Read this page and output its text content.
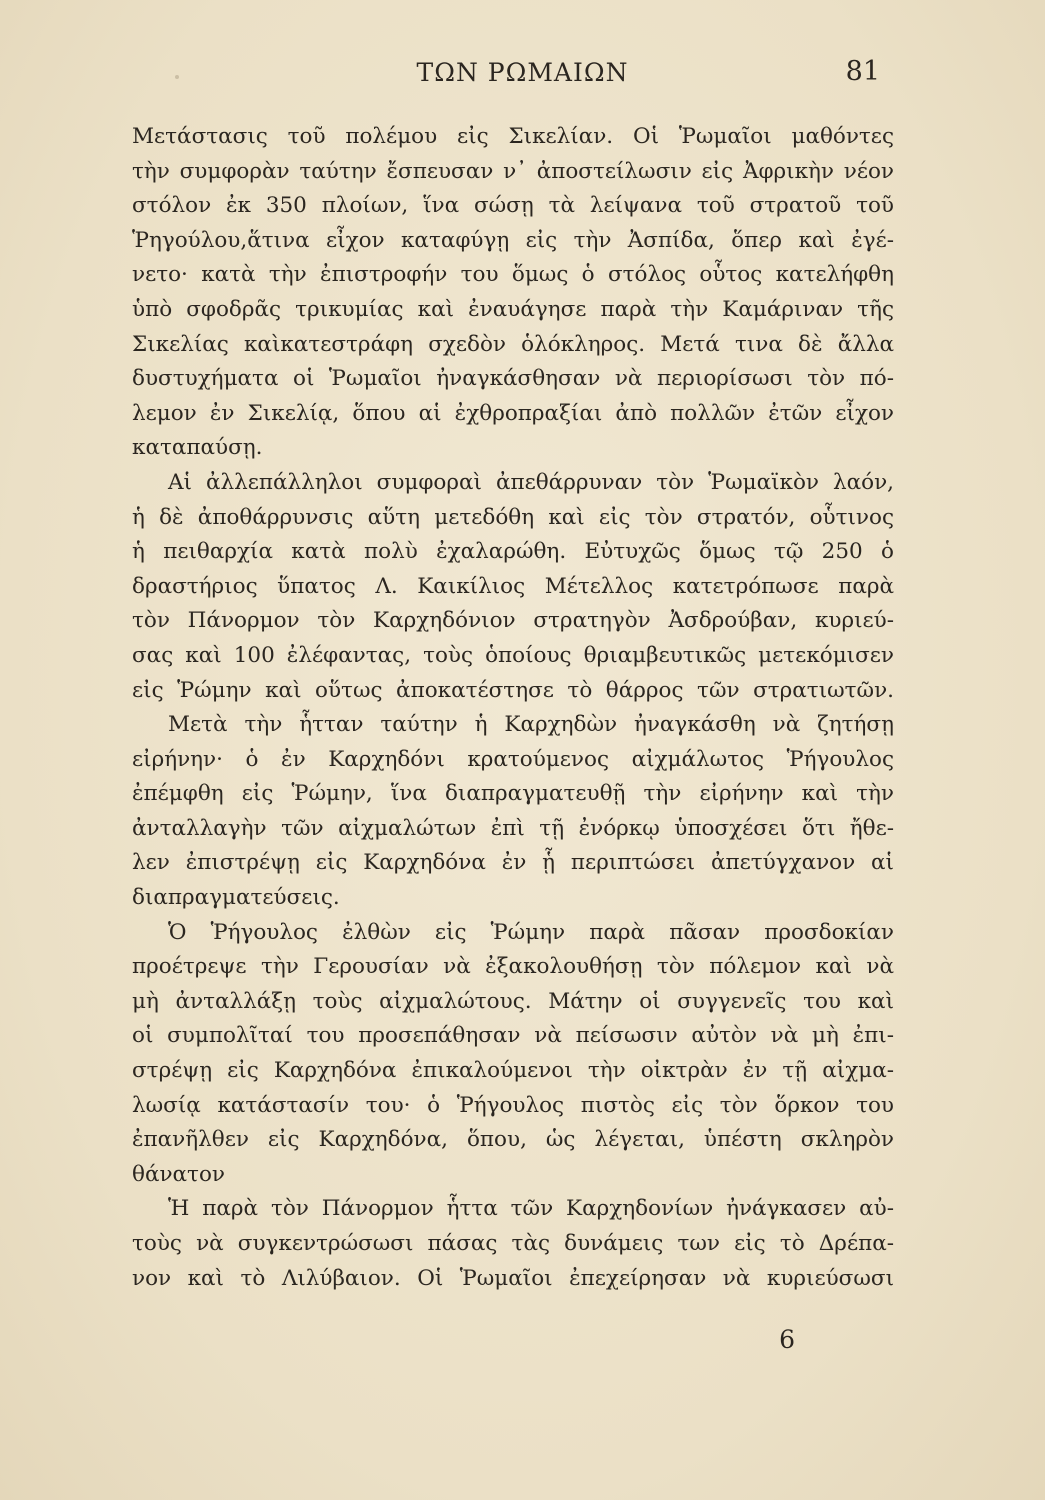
ΤΩΝ ΡΩΜΑΙΩΝ	81
Μετάστασις τοῦ πολέμου εἰς Σικελίαν. Οἱ Ῥωμαῖοι μαθόντες
τὴν συμφορὰν ταύτην ἔσπευσαν ν᾽ ἀποστείλωσιν εἰς Ἀφρικὴν νέον
στόλον ἐκ 350 πλοίων, ἵνα σώσῃ τὰ λείψανα τοῦ στρατοῦ τοῦ
Ῥηγούλου,ἅτινα εἶχον καταφύγῃ εἰς τὴν Ἀσπίδα, ὅπερ καὶ ἐγέ-
νετο· κατὰ τὴν ἐπιστροφήν του ὅμως ὁ στόλος οὗτος κατελήφθη
ὑπὸ σφοδρᾶς τρικυμίας καὶ ἐναυάγησε παρὰ τὴν Καμάριναν τῆς
Σικελίας καὶκατεστράφη σχεδὸν ὁλόκληρος. Μετά τινα δὲ ἄλλα
δυστυχήματα οἱ Ῥωμαῖοι ἠναγκάσθησαν νὰ περιορίσωσι τὸν πό-
λεμον ἐν Σικελίᾳ, ὅπου αἱ ἐχθροπραξίαι ἀπὸ πολλῶν ἐτῶν εἶχον
καταπαύσῃ.
Αἱ ἀλλεπάλληλοι συμφοραὶ ἀπεθάρρυναν τὸν Ῥωμαϊκὸν λαόν,
ἡ δὲ ἀποθάρρυνσις αὕτη μετεδόθη καὶ εἰς τὸν στρατόν, οὗτινος
ἡ πειθαρχία κατὰ πολὺ ἐχαλαρώθη. Εὐτυχῶς ὅμως τῷ 250 ὁ
δραστήριος ὕπατος Λ. Καικίλιος Μέτελλος κατετρόπωσε παρὰ
τὸν Πάνορμον τὸν Καρχηδόνιον στρατηγὸν Ἀσδρούβαν, κυριεύ-
σας καὶ 100 ἐλέφαντας, τοὺς ὁποίους θριαμβευτικῶς μετεκόμισεν
εἰς Ῥώμην καὶ οὕτως ἀποκατέστησε τὸ θάρρος τῶν στρατιωτῶν.
Μετὰ τὴν ἧτταν ταύτην ἡ Καρχηδὼν ἠναγκάσθη νὰ ζητήσῃ
εἰρήνην· ὁ ἐν Καρχηδόνι κρατούμενος αἰχμάλωτος Ῥήγουλος
ἐπέμφθη εἰς Ῥώμην, ἵνα διαπραγματευθῇ τὴν εἰρήνην καὶ τὴν
ἀνταλλαγὴν τῶν αἰχμαλώτων ἐπὶ τῇ ἐνόρκῳ ὑποσχέσει ὅτι ἤθε-
λεν ἐπιστρέψῃ εἰς Καρχηδόνα ἐν ᾗ περιπτώσει ἀπετύγχανον αἱ
διαπραγματεύσεις.
Ὁ Ῥήγουλος ἐλθὼν εἰς Ῥώμην παρὰ πᾶσαν προσδοκίαν
προέτρεψε τὴν Γερουσίαν νὰ ἐξακολουθήσῃ τὸν πόλεμον καὶ νὰ
μὴ ἀνταλλάξῃ τοὺς αἰχμαλώτους. Μάτην οἱ συγγενεῖς του καὶ
οἱ συμπολῖταί του προσεπάθησαν νὰ πείσωσιν αὐτὸν νὰ μὴ ἐπι-
στρέψῃ εἰς Καρχηδόνα ἐπικαλούμενοι τὴν οἰκτρὰν ἐν τῇ αἰχμα-
λωσίᾳ κατάστασίν του· ὁ Ῥήγουλος πιστὸς εἰς τὸν ὅρκον του
ἐπανῆλθεν εἰς Καρχηδόνα, ὅπου, ὡς λέγεται, ὑπέστη σκληρὸν
θάνατον
Ἡ παρὰ τὸν Πάνορμον ἧττα τῶν Καρχηδονίων ἠνάγκασεν αὐ-
τοὺς νὰ συγκεντρώσωσι πάσας τὰς δυνάμεις των εἰς τὸ Δρέπα-
νον καὶ τὸ Λιλύβαιον. Οἱ Ῥωμαῖοι ἐπεχείρησαν νὰ κυριεύσωσι
6
